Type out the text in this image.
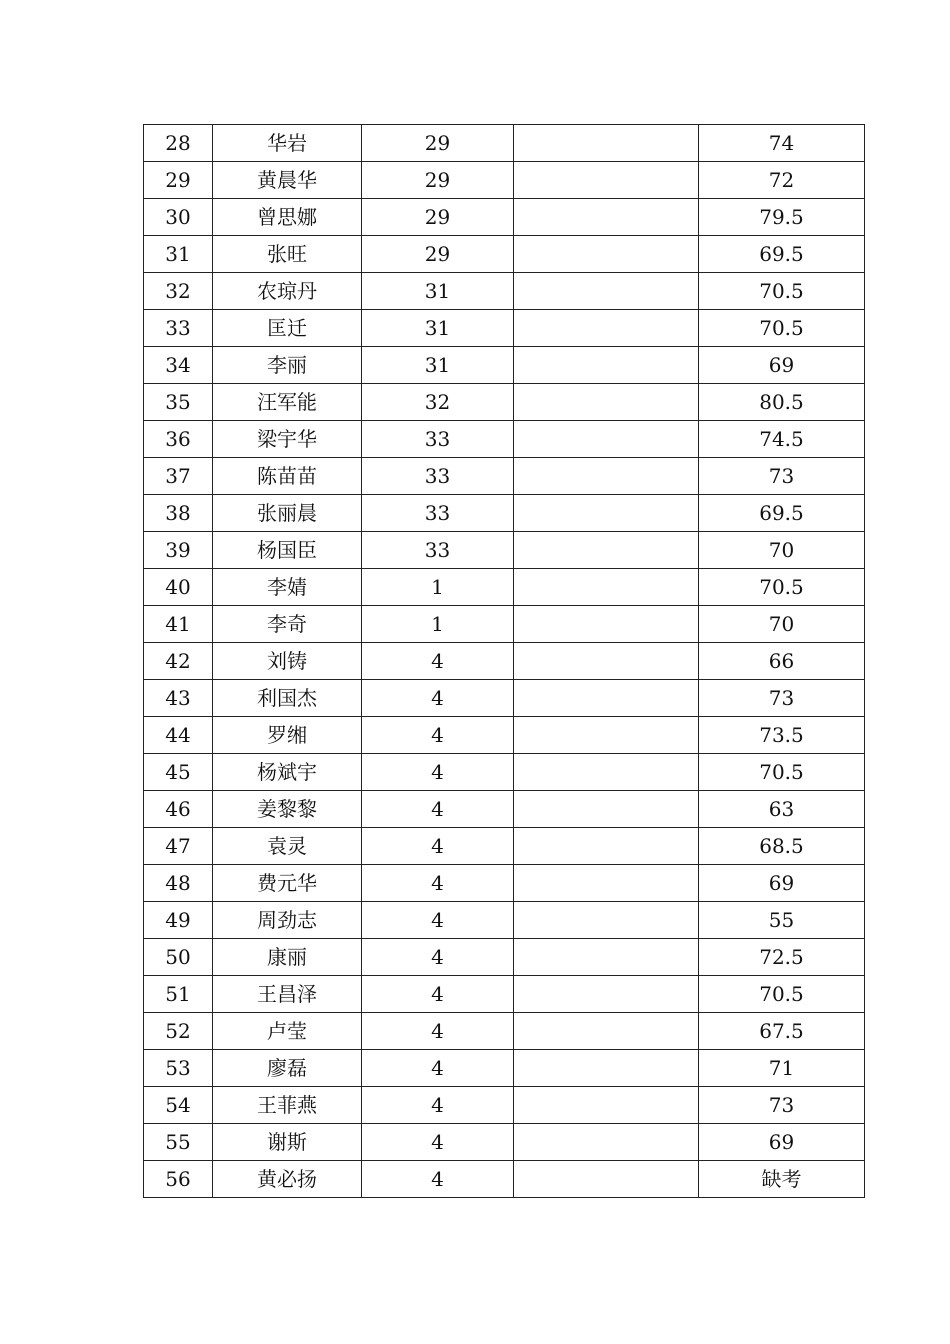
28	华岩	29		74
29	黄晨华	29		72
30	曾思娜	29		79.5
31	张旺	29		69.5
32	农琼丹	31		70.5
33	匡迁	31		70.5
34	李丽	31		69
35	汪军能	32		80.5
36	梁宇华	33		74.5
37	陈苗苗	33		73
38	张丽晨	33		69.5
39	杨国臣	33		70
40	李婧	1		70.5
41	李奇	1		70
42	刘铸	4		66
43	利国杰	4		73
44	罗缃	4		73.5
45	杨斌宇	4		70.5
46	姜黎黎	4		63
47	袁灵	4		68.5
48	费元华	4		69
49	周劲志	4		55
50	康丽	4		72.5
51	王昌泽	4		70.5
52	卢莹	4		67.5
53	廖磊	4		71
54	王菲燕	4		73
55	谢斯	4		69
56	黄必扬	4		缺考
